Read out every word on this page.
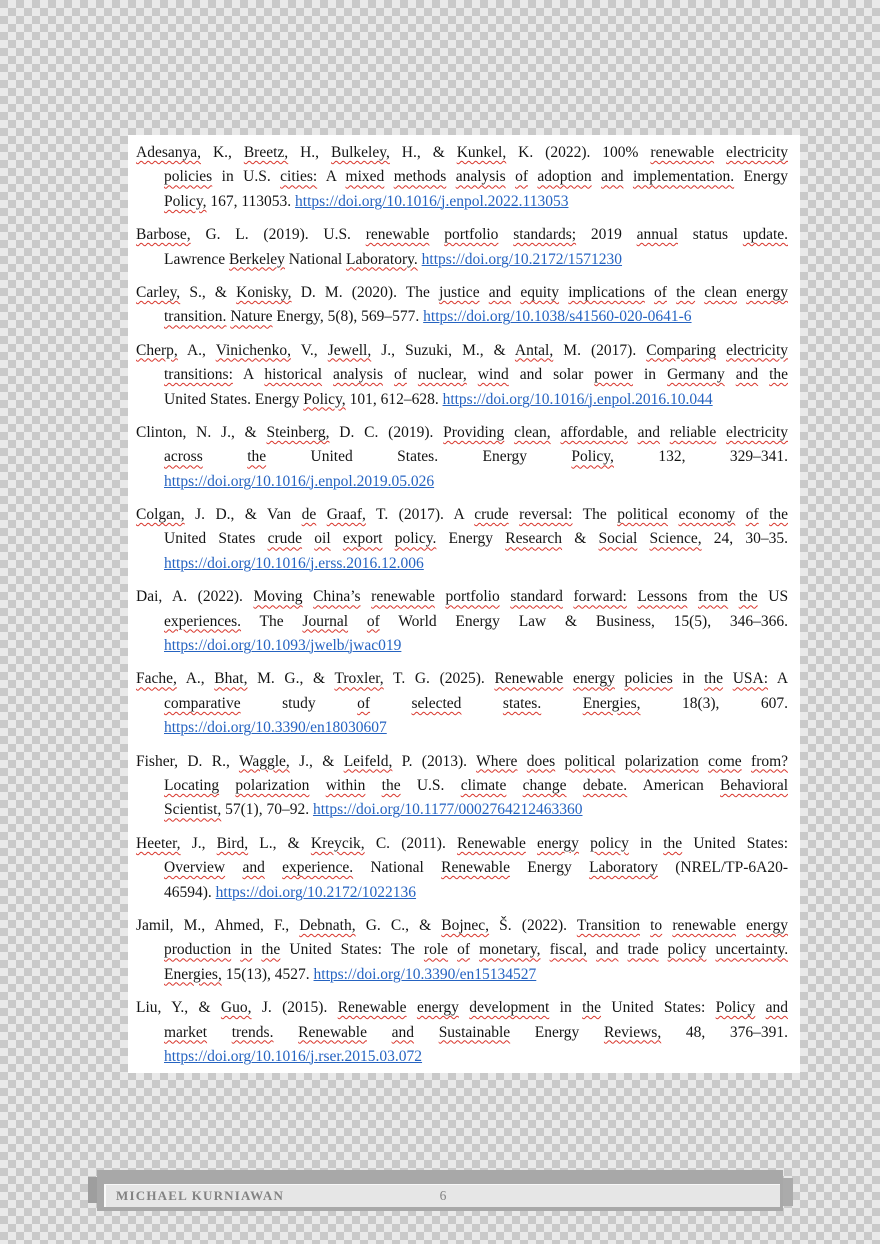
Adesanya, K., Breetz, H., Bulkeley, H., & Kunkel, K. (2022). 100% renewable electricity
policies in U.S. cities: A mixed methods analysis of adoption and implementation. Energy
Policy, 167, 113053. https://doi.org/10.1016/j.enpol.2022.113053
Barbose, G. L. (2019). U.S. renewable portfolio standards; 2019 annual status update.
Lawrence Berkeley National Laboratory. https://doi.org/10.2172/1571230
Carley, S., & Konisky, D. M. (2020). The justice and equity implications of the clean energy
transition. Nature Energy, 5(8), 569–577. https://doi.org/10.1038/s41560-020-0641-6
Cherp, A., Vinichenko, V., Jewell, J., Suzuki, M., & Antal, M. (2017). Comparing electricity
transitions: A historical analysis of nuclear, wind and solar power in Germany and the
United States. Energy Policy, 101, 612–628. https://doi.org/10.1016/j.enpol.2016.10.044
Clinton, N. J., & Steinberg, D. C. (2019). Providing clean, affordable, and reliable electricity
across	the United States. Energy Policy, 132, 329–341.
https://doi.org/10.1016/j.enpol.2019.05.026
Colgan, J. D., & Van de Graaf, T. (2017). A crude reversal: The political economy of the
United States crude oil export policy. Energy Research & Social Science, 24, 30–35.
https://doi.org/10.1016/j.erss.2016.12.006
Dai, A. (2022). Moving China’s renewable portfolio standard forward: Lessons from the US
experiences. The Journal of World Energy Law & Business, 15(5), 346–366.
https://doi.org/10.1093/jwelb/jwac019
Fache, A., Bhat, M. G., & Troxler, T. G. (2025). Renewable energy policies in the USA: A
comparative study of	selected	states.	Energies, 18(3), 607.
https://doi.org/10.3390/en18030607
Fisher, D. R., Waggle, J., & Leifeld, P. (2013). Where does political polarization come from?
Locating polarization within the U.S. climate change debate. American Behavioral
Scientist, 57(1), 70–92. https://doi.org/10.1177/0002764212463360
Heeter, J., Bird, L., & Kreycik, C. (2011). Renewable energy policy in the United States:
Overview and experience. National Renewable Energy Laboratory (NREL/TP-6A20-
46594). https://doi.org/10.2172/1022136
Jamil, M., Ahmed, F., Debnath, G. C., & Bojnec, Š. (2022). Transition to renewable energy
production in the United States: The role of monetary, fiscal, and trade policy uncertainty.
Energies, 15(13), 4527. https://doi.org/10.3390/en15134527
Liu, Y., & Guo, J. (2015). Renewable energy development in the United States: Policy and
market trends. Renewable and Sustainable Energy Reviews, 48, 376–391.
https://doi.org/10.1016/j.rser.2015.03.072
MICHAEL KURNIAWAN	6
